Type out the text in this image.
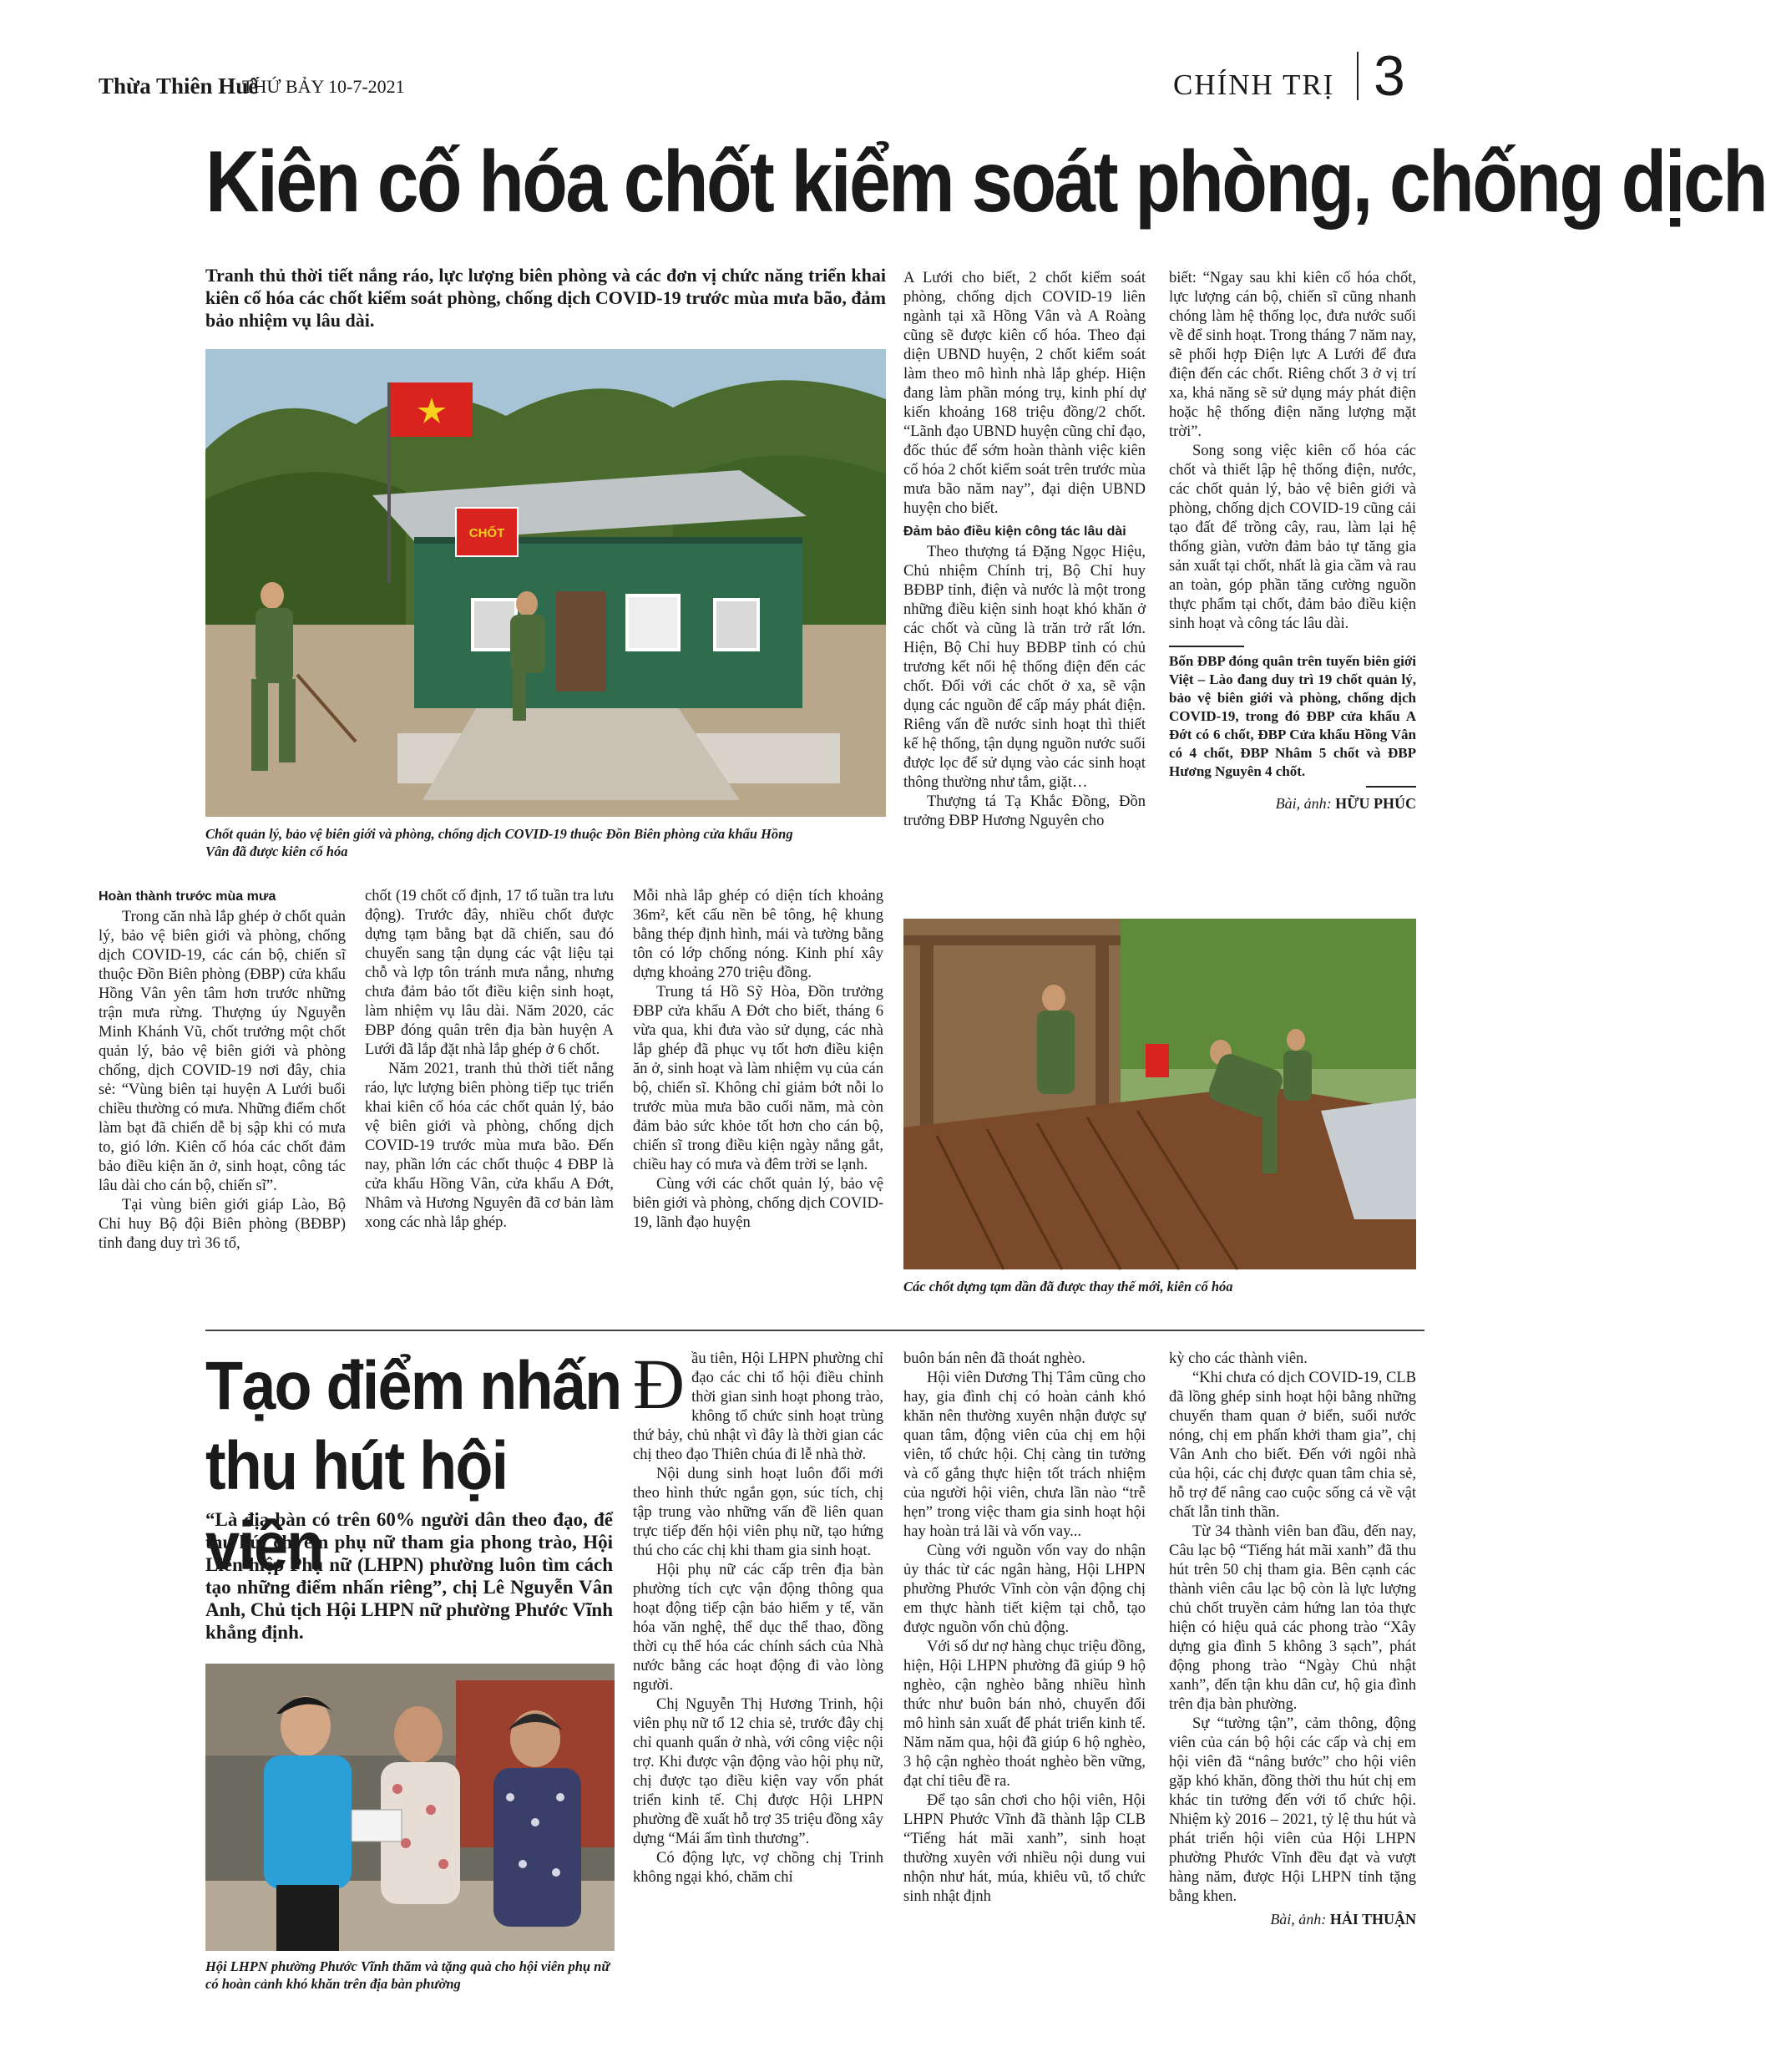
Thừa Thiên Huế
THỨ BẢY 10-7-2021	CHÍNH TRỊ 3
Kiên cố hóa chốt kiểm soát phòng, chống dịch
Tranh thủ thời tiết nắng ráo, lực lượng biên phòng và các đơn vị chức năng triển khai kiên cố hóa các chốt kiểm soát phòng, chống dịch COVID-19 trước mùa mưa bão, đảm bảo nhiệm vụ lâu dài.
CHỐT
Chốt quản lý, bảo vệ biên giới và phòng, chống dịch COVID-19 thuộc Đồn Biên phòng cửa khẩu Hồng Vân đã được kiên cố hóa
Hoàn thành trước mùa mưa

Trong căn nhà lắp ghép ở chốt quản lý, bảo vệ biên giới và phòng, chống dịch COVID-19, các cán bộ, chiến sĩ thuộc Đồn Biên phòng (ĐBP) cửa khẩu Hồng Vân yên tâm hơn trước những trận mưa rừng. Thượng úy Nguyễn Minh Khánh Vũ, chốt trưởng một chốt quản lý, bảo vệ biên giới và phòng chống, dịch COVID-19 nơi đây, chia sẻ: “Vùng biên tại huyện A Lưới buổi chiều thường có mưa. Những điểm chốt làm bạt đã chiến dễ bị sập khi có mưa to, gió lớn. Kiên cố hóa các chốt đảm bảo điều kiện ăn ở, sinh hoạt, công tác lâu dài cho cán bộ, chiến sĩ”.

Tại vùng biên giới giáp Lào, Bộ Chỉ huy Bộ đội Biên phòng (BĐBP) tỉnh đang duy trì 36 tổ,

chốt (19 chốt cố định, 17 tổ tuần tra lưu động). Trước đây, nhiều chốt được dựng tạm bằng bạt dã chiến, sau đó chuyển sang tận dụng các vật liệu tại chỗ và lợp tôn tránh mưa nắng, nhưng chưa đảm bảo tốt điều kiện sinh hoạt, làm nhiệm vụ lâu dài. Năm 2020, các ĐBP đóng quân trên địa bàn huyện A Lưới đã lắp đặt nhà lắp ghép ở 6 chốt.

Năm 2021, tranh thủ thời tiết nắng ráo, lực lượng biên phòng tiếp tục triển khai kiên cố hóa các chốt quản lý, bảo vệ biên giới và phòng, chống dịch COVID-19 trước mùa mưa bão. Đến nay, phần lớn các chốt thuộc 4 ĐBP là cửa khẩu Hồng Vân, cửa khẩu A Đớt, Nhâm và Hương Nguyên đã cơ bản làm xong các nhà lắp ghép.

Mỗi nhà lắp ghép có diện tích khoảng 36m², kết cấu nền bê tông, hệ khung bằng thép định hình, mái và tường bằng tôn có lớp chống nóng. Kinh phí xây dựng khoảng 270 triệu đồng.

Trung tá Hồ Sỹ Hòa, Đồn trưởng ĐBP cửa khẩu A Đớt cho biết, tháng 6 vừa qua, khi đưa vào sử dụng, các nhà lắp ghép đã phục vụ tốt hơn điều kiện ăn ở, sinh hoạt và làm nhiệm vụ của cán bộ, chiến sĩ. Không chỉ giảm bớt nỗi lo trước mùa mưa bão cuối năm, mà còn đảm bảo sức khỏe tốt hơn cho cán bộ, chiến sĩ trong điều kiện ngày nắng gắt, chiều hay có mưa và đêm trời se lạnh.

Cùng với các chốt quản lý, bảo vệ biên giới và phòng, chống dịch COVID-19, lãnh đạo huyện

A Lưới cho biết, 2 chốt kiểm soát phòng, chống dịch COVID-19 liên ngành tại xã Hồng Vân và A Roàng cũng sẽ được kiên cố hóa. Theo đại diện UBND huyện, 2 chốt kiểm soát làm theo mô hình nhà lắp ghép. Hiện đang làm phần móng trụ, kinh phí dự kiến khoảng 168 triệu đồng/2 chốt. “Lãnh đạo UBND huyện cũng chỉ đạo, đốc thúc để sớm hoàn thành việc kiên cố hóa 2 chốt kiểm soát trên trước mùa mưa bão năm nay”, đại diện UBND huyện cho biết.

Đảm bảo điều kiện công tác lâu dài

Theo thượng tá Đặng Ngọc Hiệu, Chủ nhiệm Chính trị, Bộ Chỉ huy BĐBP tỉnh, điện và nước là một trong những điều kiện sinh hoạt khó khăn ở các chốt và cũng là trăn trở rất lớn. Hiện, Bộ Chỉ huy BĐBP tỉnh có chủ trương kết nối hệ thống điện đến các chốt. Đối với các chốt ở xa, sẽ vận dụng các nguồn để cấp máy phát điện. Riêng vấn đề nước sinh hoạt thì thiết kế hệ thống, tận dụng nguồn nước suối được lọc để sử dụng vào các sinh hoạt thông thường như tắm, giặt…

Thượng tá Tạ Khắc Đồng, Đồn trưởng ĐBP Hương Nguyên cho

biết: “Ngay sau khi kiên cố hóa chốt, lực lượng cán bộ, chiến sĩ cũng nhanh chóng làm hệ thống lọc, đưa nước suối về để sinh hoạt. Trong tháng 7 năm nay, sẽ phối hợp Điện lực A Lưới để đưa điện đến các chốt. Riêng chốt 3 ở vị trí xa, khả năng sẽ sử dụng máy phát điện hoặc hệ thống điện năng lượng mặt trời”.

Song song việc kiên cố hóa các chốt và thiết lập hệ thống điện, nước, các chốt quản lý, bảo vệ biên giới và phòng, chống dịch COVID-19 cũng cải tạo đất để trồng cây, rau, làm lại hệ thống giàn, vườn đảm bảo tự tăng gia sản xuất tại chốt, nhất là gia cầm và rau an toàn, góp phần tăng cường nguồn thực phẩm tại chốt, đảm bảo điều kiện sinh hoạt và công tác lâu dài.

Bốn ĐBP đóng quân trên tuyến biên giới Việt – Lào đang duy trì 19 chốt quản lý, bảo vệ biên giới và phòng, chống dịch COVID-19, trong đó ĐBP cửa khẩu A Đớt có 6 chốt, ĐBP Cửa khẩu Hồng Vân có 4 chốt, ĐBP Nhâm 5 chốt và ĐBP Hương Nguyên 4 chốt.
Bài, ảnh: HỮU PHÚC
Các chốt dựng tạm dần đã được thay thế mới, kiên cố hóa
Tạo điểm nhấn
thu hút hội viên
“Là địa bàn có trên 60% người dân theo đạo, để thu hút chị em phụ nữ tham gia phong trào, Hội Liên hiệp Phụ nữ (LHPN) phường luôn tìm cách tạo những điểm nhấn riêng”, chị Lê Nguyễn Vân Anh, Chủ tịch Hội LHPN nữ phường Phước Vĩnh khẳng định.
Hội LHPN phường Phước Vĩnh thăm và tặng quà cho hội viên phụ nữ có hoàn cảnh khó khăn trên địa bàn phường

Đầu tiên, Hội LHPN phường chỉ đạo các chi tổ hội điều chỉnh thời gian sinh hoạt phong trào, không tổ chức sinh hoạt trùng thứ bảy, chủ nhật vì đây là thời gian các chị theo đạo Thiên chúa đi lễ nhà thờ.

Nội dung sinh hoạt luôn đổi mới theo hình thức ngắn gọn, súc tích, chị tập trung vào những vấn đề liên quan trực tiếp đến hội viên phụ nữ, tạo hứng thú cho các chị khi tham gia sinh hoạt.

Hội phụ nữ các cấp trên địa bàn phường tích cực vận động thông qua hoạt động tiếp cận bảo hiểm y tế, văn hóa văn nghệ, thể dục thể thao, đồng thời cụ thể hóa các chính sách của Nhà nước bằng các hoạt động đi vào lòng người.

Chị Nguyễn Thị Hương Trinh, hội viên phụ nữ tổ 12 chia sẻ, trước đây chị chỉ quanh quẩn ở nhà, với công việc nội trợ. Khi được vận động vào hội phụ nữ, chị được tạo điều kiện vay vốn phát triển kinh tế. Chị được Hội LHPN phường đề xuất hỗ trợ 35 triệu đồng xây dựng “Mái ấm tình thương”.

Có động lực, vợ chồng chị Trinh không ngại khó, chăm chỉ

buôn bán nên đã thoát nghèo.

Hội viên Dương Thị Tâm cũng cho hay, gia đình chị có hoàn cảnh khó khăn nên thường xuyên nhận được sự quan tâm, động viên của chị em hội viên, tổ chức hội. Chị càng tin tưởng và cố gắng thực hiện tốt trách nhiệm của người hội viên, chưa lần nào “trễ hẹn” trong việc tham gia sinh hoạt hội hay hoàn trả lãi và vốn vay...

Cùng với nguồn vốn vay do nhận ủy thác từ các ngân hàng, Hội LHPN phường Phước Vĩnh còn vận động chị em thực hành tiết kiệm tại chỗ, tạo được nguồn vốn chủ động.

Với số dư nợ hàng chục triệu đồng, hiện, Hội LHPN phường đã giúp 9 hộ nghèo, cận nghèo bằng nhiều hình thức như buôn bán nhỏ, chuyển đổi mô hình sản xuất để phát triển kinh tế. Năm năm qua, hội đã giúp 6 hộ nghèo, 3 hộ cận nghèo thoát nghèo bền vững, đạt chỉ tiêu đề ra.

Để tạo sân chơi cho hội viên, Hội LHPN Phước Vĩnh đã thành lập CLB “Tiếng hát mãi xanh”, sinh hoạt thường xuyên với nhiều nội dung vui nhộn như hát, múa, khiêu vũ, tổ chức sinh nhật định

kỳ cho các thành viên.

“Khi chưa có dịch COVID-19, CLB đã lồng ghép sinh hoạt hội bằng những chuyến tham quan ở biển, suối nước nóng, chị em phấn khởi tham gia”, chị Vân Anh cho biết. Đến với ngôi nhà của hội, các chị được quan tâm chia sẻ, hỗ trợ để nâng cao cuộc sống cả về vật chất lẫn tinh thần.

Từ 34 thành viên ban đầu, đến nay, Câu lạc bộ “Tiếng hát mãi xanh” đã thu hút trên 50 chị tham gia. Bên cạnh các thành viên câu lạc bộ còn là lực lượng chủ chốt truyền cảm hứng lan tỏa thực hiện có hiệu quả các phong trào “Xây dựng gia đình 5 không 3 sạch”, phát động phong trào “Ngày Chủ nhật xanh”, đến tận khu dân cư, hộ gia đình trên địa bàn phường.

Sự “tường tận”, cảm thông, động viên của cán bộ hội các cấp và chị em hội viên đã “nâng bước” cho hội viên gặp khó khăn, đồng thời thu hút chị em khác tin tưởng đến với tổ chức hội. Nhiệm kỳ 2016 – 2021, tỷ lệ thu hút và phát triển hội viên của Hội LHPN phường Phước Vĩnh đều đạt và vượt hàng năm, được Hội LHPN tỉnh tặng bằng khen.

Bài, ảnh: HẢI THUẬN
